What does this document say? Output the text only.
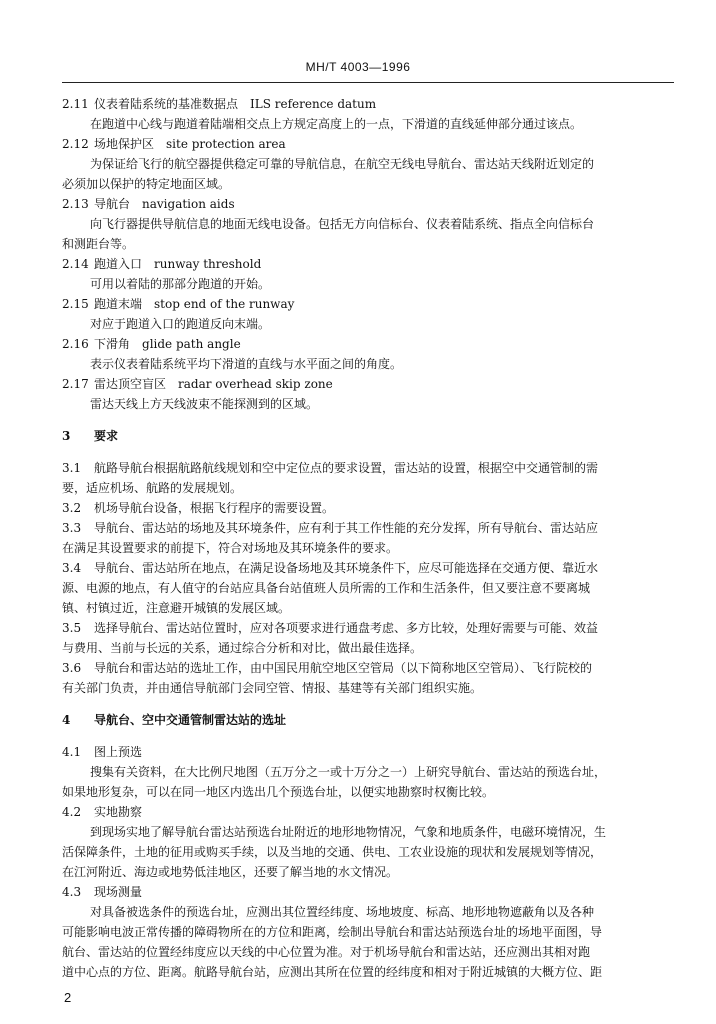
MH/T 4003—1996
2.11 仪表着陆系统的基准数据点  ILS reference datum
在跑道中心线与跑道着陆端相交点上方规定高度上的一点，下滑道的直线延伸部分通过该点。
2.12 场地保护区  site protection area
为保证给飞行的航空器提供稳定可靠的导航信息，在航空无线电导航台、雷达站天线附近划定的
必须加以保护的特定地面区域。
2.13 导航台  navigation aids
向飞行器提供导航信息的地面无线电设备。包括无方向信标台、仪表着陆系统、指点全向信标台
和测距台等。
2.14 跑道入口  runway threshold
可用以着陆的那部分跑道的开始。
2.15 跑道末端  stop end of the runway
对应于跑道入口的跑道反向末端。
2.16 下滑角  glide path angle
表示仪表着陆系统平均下滑道的直线与水平面之间的角度。
2.17 雷达顶空盲区  radar overhead skip zone
雷达天线上方天线波束不能探测到的区域。
3 要求
3.1 航路导航台根据航路航线规划和空中定位点的要求设置，雷达站的设置，根据空中交通管制的需
要，适应机场、航路的发展规划。
3.2 机场导航台设备，根据飞行程序的需要设置。
3.3 导航台、雷达站的场地及其环境条件，应有利于其工作性能的充分发挥，所有导航台、雷达站应
在满足其设置要求的前提下，符合对场地及其环境条件的要求。
3.4 导航台、雷达站所在地点，在满足设备场地及其环境条件下，应尽可能选择在交通方便、靠近水
源、电源的地点，有人值守的台站应具备台站值班人员所需的工作和生活条件，但又要注意不要离城
镇、村镇过近，注意避开城镇的发展区域。
3.5 选择导航台、雷达站位置时，应对各项要求进行通盘考虑、多方比较，处理好需要与可能、效益
与费用、当前与长远的关系，通过综合分析和对比，做出最佳选择。
3.6 导航台和雷达站的选址工作，由中国民用航空地区空管局（以下简称地区空管局）、飞行院校的
有关部门负责，并由通信导航部门会同空管、情报、基建等有关部门组织实施。
4 导航台、空中交通管制雷达站的选址
4.1 图上预选
搜集有关资料，在大比例尺地图（五万分之一或十万分之一）上研究导航台、雷达站的预选台址，
如果地形复杂，可以在同一地区内选出几个预选台址，以便实地勘察时权衡比较。
4.2 实地勘察
到现场实地了解导航台雷达站预选台址附近的地形地物情况，气象和地质条件，电磁环境情况，生
活保障条件，土地的征用或购买手续，以及当地的交通、供电、工农业设施的现状和发展规划等情况，
在江河附近、海边或地势低洼地区，还要了解当地的水文情况。
4.3 现场测量
对具备被选条件的预选台址，应测出其位置经纬度、场地坡度、标高、地形地物遮蔽角以及各种
可能影响电波正常传播的障碍物所在的方位和距离，绘制出导航台和雷达站预选台址的场地平面图，导
航台、雷达站的位置经纬度应以天线的中心位置为准。对于机场导航台和雷达站，还应测出其相对跑
道中心点的方位、距离。航路导航台站，应测出其所在位置的经纬度和相对于附近城镇的大概方位、距
2
